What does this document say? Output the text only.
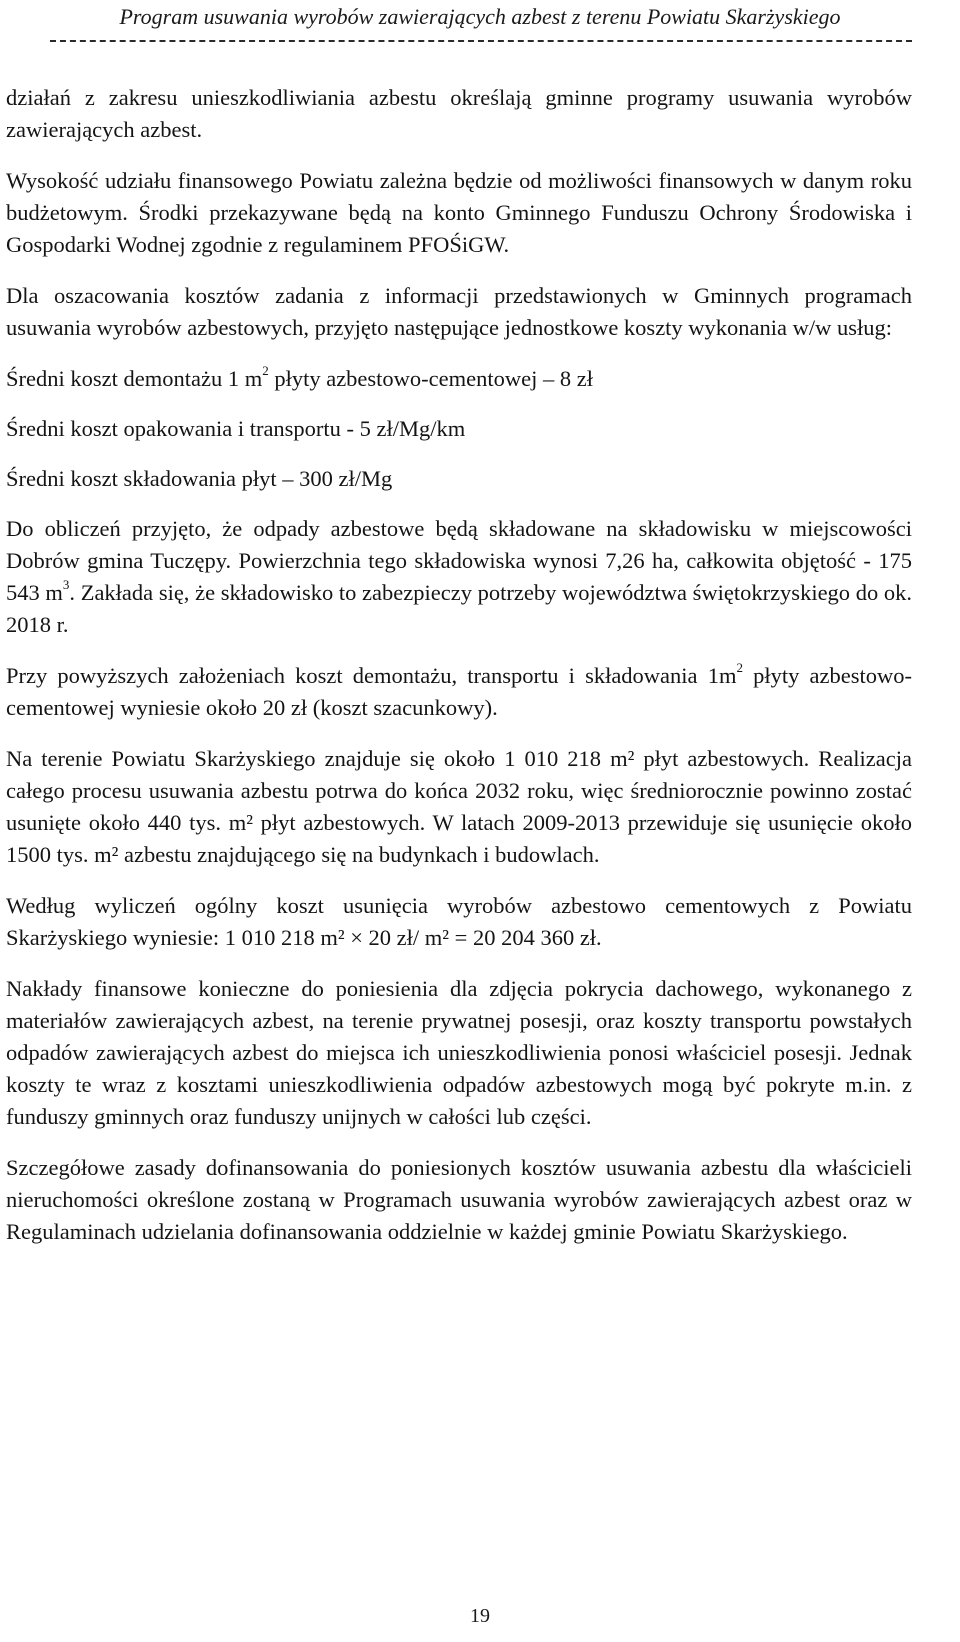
Program usuwania wyrobów zawierających azbest z terenu Powiatu Skarżyskiego

działań z zakresu unieszkodliwiania azbestu określają gminne programy usuwania wyrobów zawierających azbest.

Wysokość udziału finansowego Powiatu zależna będzie od możliwości finansowych w danym roku budżetowym. Środki przekazywane będą na konto Gminnego Funduszu Ochrony Środowiska i Gospodarki Wodnej zgodnie z regulaminem PFOŚiGW.

Dla oszacowania kosztów zadania z informacji przedstawionych w Gminnych programach usuwania wyrobów azbestowych, przyjęto następujące jednostkowe koszty wykonania w/w usług:

Średni koszt demontażu 1 $m^2$ płyty azbestowo-cementowej – 8 zł

Średni koszt opakowania i transportu - 5 zł/Mg/km

Średni koszt składowania płyt – 300 zł/Mg

Do obliczeń przyjęto, że odpady azbestowe będą składowane na składowisku w miejscowości Dobrów gmina Tuczępy. Powierzchnia tego składowiska wynosi 7,26 ha, całkowita objętość - 175 543 $m^3$. Zakłada się, że składowisko to zabezpieczy potrzeby województwa świętokrzyskiego do ok. 2018 r.

Przy powyższych założeniach koszt demontażu, transportu i składowania $1m^2$ płyty azbestowo-cementowej wyniesie około 20 zł (koszt szacunkowy).

Na terenie Powiatu Skarżyskiego znajduje się około 1 010 218 m² płyt azbestowych. Realizacja całego procesu usuwania azbestu potrwa do końca 2032 roku, więc średniorocznie powinno zostać usunięte około 440 tys. m² płyt azbestowych. W latach 2009-2013 przewiduje się usunięcie około 1500 tys. m² azbestu znajdującego się na budynkach i budowlach.

Według wyliczeń ogólny koszt usunięcia wyrobów azbestowo cementowych z Powiatu Skarżyskiego wyniesie: 1 010 218 m² × 20 zł/ m² = 20 204 360 zł.

Nakłady finansowe konieczne do poniesienia dla zdjęcia pokrycia dachowego, wykonanego z materiałów zawierających azbest, na terenie prywatnej posesji, oraz koszty transportu powstałych odpadów zawierających azbest do miejsca ich unieszkodliwienia ponosi właściciel posesji. Jednak koszty te wraz z kosztami unieszkodliwienia odpadów azbestowych mogą być pokryte m.in. z funduszy gminnych oraz funduszy unijnych w całości lub części.

Szczegółowe zasady dofinansowania do poniesionych kosztów usuwania azbestu dla właścicieli nieruchomości określone zostaną w Programach usuwania wyrobów zawierających azbest oraz w Regulaminach udzielania dofinansowania oddzielnie w każdej gminie Powiatu Skarżyskiego.

19
